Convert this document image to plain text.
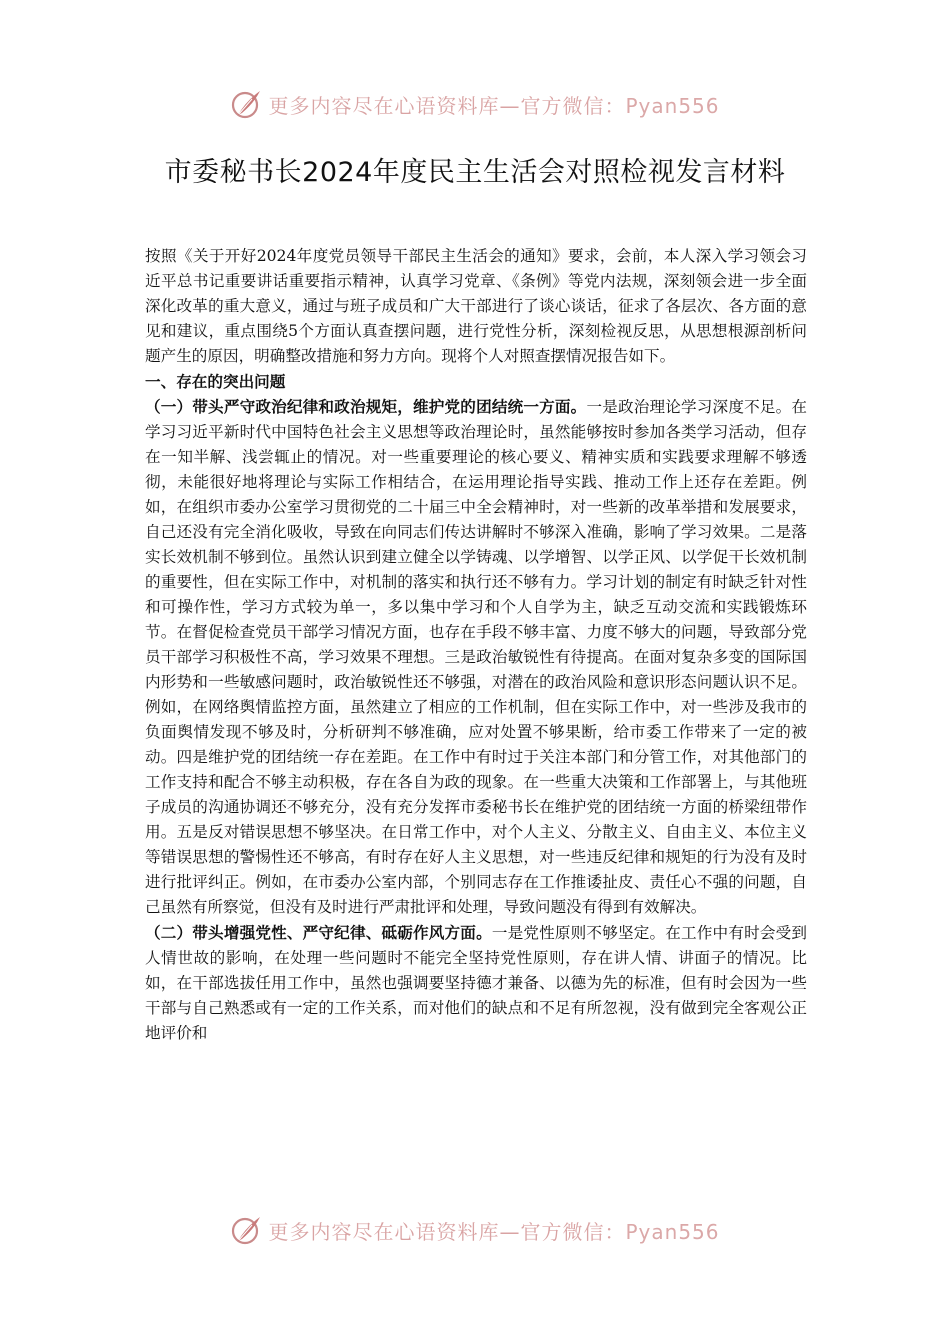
更多内容尽在心语资料库—官方微信：Pyan556
市委秘书长2024年度民主生活会对照检视发言材料

按照《关于开好2024年度党员领导干部民主生活会的通知》要求，会前，本人深入学习领会习近平总书记重要讲话重要指示精神，认真学习党章、《条例》等党内法规，深刻领会进一步全面深化改革的重大意义，通过与班子成员和广大干部进行了谈心谈话，征求了各层次、各方面的意见和建议，重点围绕5个方面认真查摆问题，进行党性分析，深刻检视反思，从思想根源剖析问题产生的原因，明确整改措施和努力方向。现将个人对照查摆情况报告如下。

一、存在的突出问题

（一）带头严守政治纪律和政治规矩，维护党的团结统一方面。一是政治理论学习深度不足。在学习习近平新时代中国特色社会主义思想等政治理论时，虽然能够按时参加各类学习活动，但存在一知半解、浅尝辄止的情况。对一些重要理论的核心要义、精神实质和实践要求理解不够透彻，未能很好地将理论与实际工作相结合，在运用理论指导实践、推动工作上还存在差距。例如，在组织市委办公室学习贯彻党的二十届三中全会精神时，对一些新的改革举措和发展要求，自己还没有完全消化吸收，导致在向同志们传达讲解时不够深入准确，影响了学习效果。二是落实长效机制不够到位。虽然认识到建立健全以学铸魂、以学增智、以学正风、以学促干长效机制的重要性，但在实际工作中，对机制的落实和执行还不够有力。学习计划的制定有时缺乏针对性和可操作性，学习方式较为单一，多以集中学习和个人自学为主，缺乏互动交流和实践锻炼环节。在督促检查党员干部学习情况方面，也存在手段不够丰富、力度不够大的问题，导致部分党员干部学习积极性不高，学习效果不理想。三是政治敏锐性有待提高。在面对复杂多变的国际国内形势和一些敏感问题时，政治敏锐性还不够强，对潜在的政治风险和意识形态问题认识不足。例如，在网络舆情监控方面，虽然建立了相应的工作机制，但在实际工作中，对一些涉及我市的负面舆情发现不够及时，分析研判不够准确，应对处置不够果断，给市委工作带来了一定的被动。四是维护党的团结统一存在差距。在工作中有时过于关注本部门和分管工作，对其他部门的工作支持和配合不够主动积极，存在各自为政的现象。在一些重大决策和工作部署上，与其他班子成员的沟通协调还不够充分，没有充分发挥市委秘书长在维护党的团结统一方面的桥梁纽带作用。五是反对错误思想不够坚决。在日常工作中，对个人主义、分散主义、自由主义、本位主义等错误思想的警惕性还不够高，有时存在好人主义思想，对一些违反纪律和规矩的行为没有及时进行批评纠正。例如，在市委办公室内部，个别同志存在工作推诿扯皮、责任心不强的问题，自己虽然有所察觉，但没有及时进行严肃批评和处理，导致问题没有得到有效解决。

（二）带头增强党性、严守纪律、砥砺作风方面。一是党性原则不够坚定。在工作中有时会受到人情世故的影响，在处理一些问题时不能完全坚持党性原则，存在讲人情、讲面子的情况。比如，在干部选拔任用工作中，虽然也强调要坚持德才兼备、以德为先的标准，但有时会因为一些干部与自己熟悉或有一定的工作关系，而对他们的缺点和不足有所忽视，没有做到完全客观公正地评价和

更多内容尽在心语资料库—官方微信：Pyan556
